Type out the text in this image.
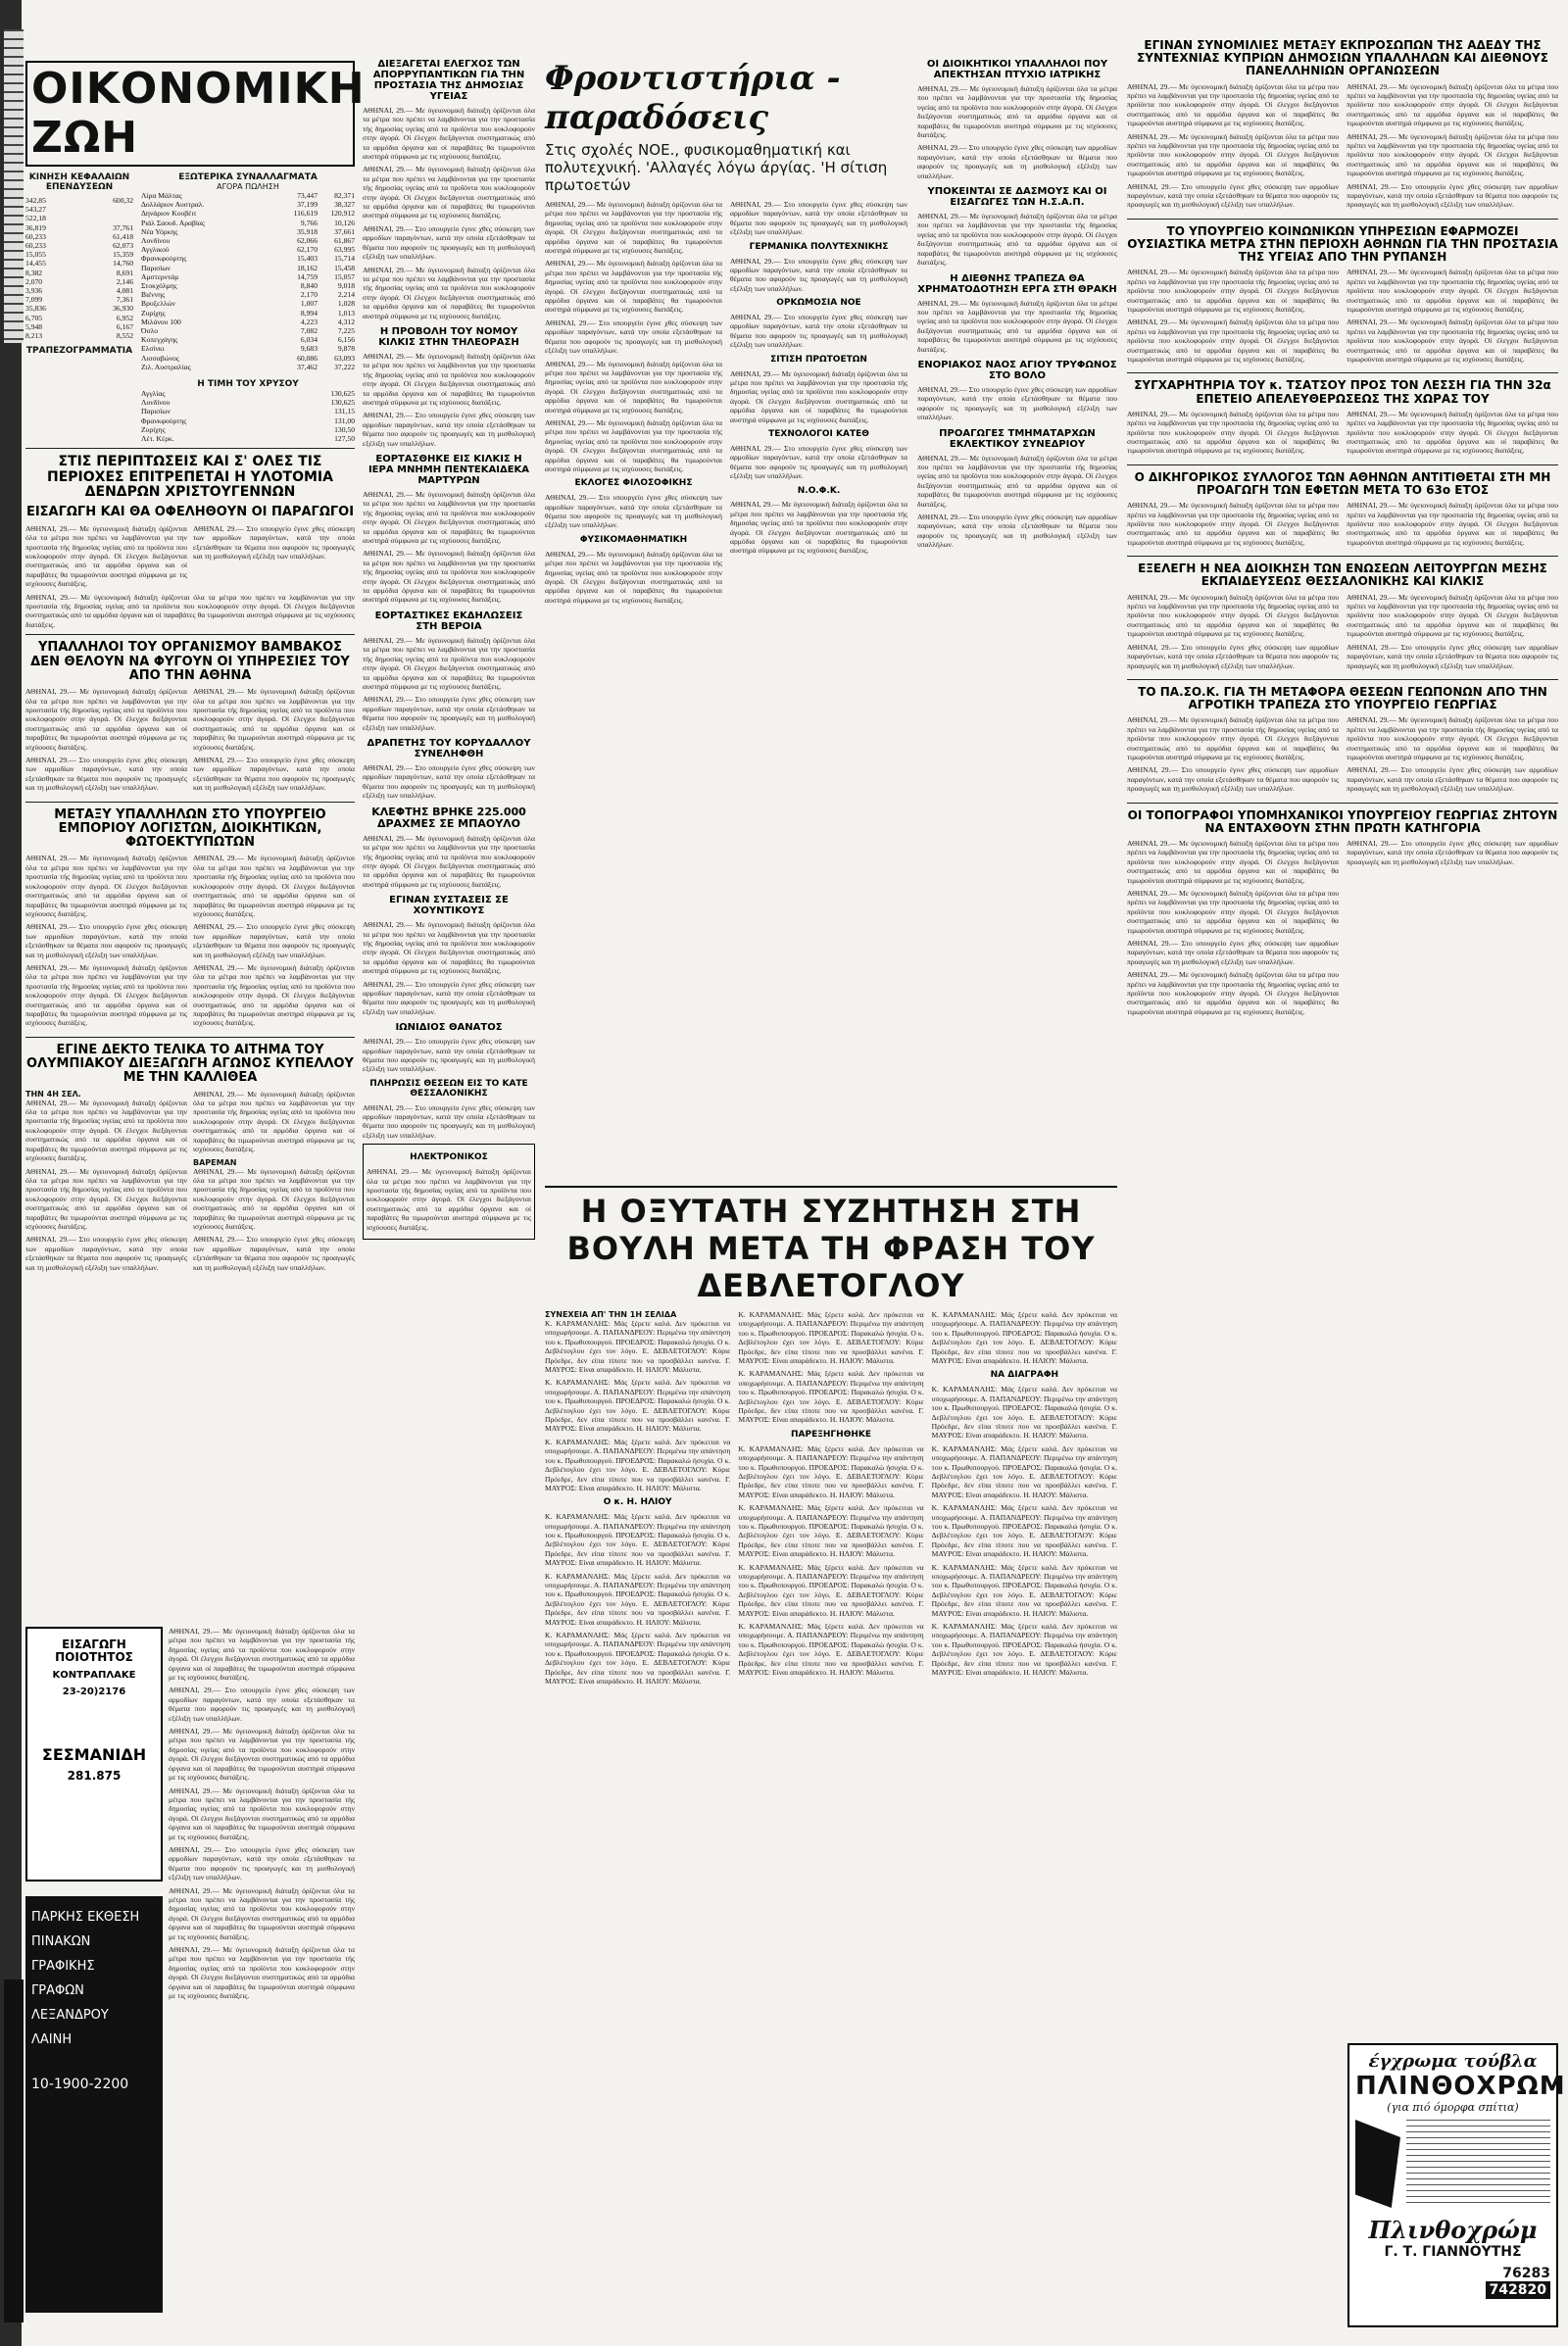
ΟΙΚΟΝΟΜΙΚΗ ΖΩΗ
ΚΙΝΗΣΗ ΚΕΦΑΛΑΙΩΝ ΕΠΕΝΔΥΣΕΩΝ
342,85	600,32
543,27
522,18
36,819	37,761
60,233	61,418
60,233	62,073
15,055	15,359
14,455	14,760
8,382	8,691
2,070	2,146
3,936	4,081
7,099	7,361
35,836	36,930
6,705	6,952
5,948	6,167
8,213	8,552
ΤΡΑΠΕΖΟΓΡΑΜΜΑΤΙΑ
ΕΞΩΤΕΡΙΚΑ ΣΥΝΑΛΛΑΓΜΑΤΑ
ΑΓΟΡΑ ΠΩΛΗΣΗ
Λίρα Μάλτας	73,447	82,371
Δολλάριον Αυστραλ.	37,199	38,327
Δηνάριον Κουβέιτ	116,619	120,912
Ριάλ Σαουδ. Αραβίας	9,766	10,126
Νέα Υόρκης	35,918	37,661
Λονδίνου	62,066	61,867
Αγγλικού	62,170	63,995
Φρανκφούρτης	15,403	15,714
Παρισίων	18,162	15,458
Αμστερντάμ	14,759	15,057
Στοκχόλμης	8,840	9,018
Βιέννης	2,170	2,214
Βρυξελλών	1,007	1,028
Ζυρίχης	8,994	1,013
Μιλάνου 100	4,223	4,312
Όσλο	7,082	7,225
Κοπεγχάγης	6,034	6,156
Ελσίνκι	9,683	9,878
Λισσαβώνος	60,086	63,093
Ζιλ. Αυστραλίας	37,462	37,222
Η ΤΙΜΗ ΤΟΥ ΧΡΥΣΟΥ
Αγγλίας	130,625
Λονδίνου	130,625
Παρισίων	131,15
Φρανκφούρτης	131,00
Ζυρίχης	130,50
Λέτ. Κέρκ.	127,50
ΣΤΙΣ ΠΕΡΙΠΤΩΣΕΙΣ ΚΑΙ Σ' ΟΛΕΣ ΤΙΣ ΠΕΡΙΟΧΕΣ ΕΠΙΤΡΕΠΕΤΑΙ Η ΥΛΟΤΟΜΙΑ ΔΕΝΔΡΩΝ ΧΡΙΣΤΟΥΓΕΝΝΩΝ
ΕΙΣΑΓΩΓΗ ΚΑΙ ΘΑ ΟΦΕΛΗΘΟΥΝ ΟΙ ΠΑΡΑΓΩΓΟΙ

ΑΘΗΝΑΙ, 29.— Με ύγειονομική διάταξη όρίζονται όλα τα μέτρα που πρέπει να λαμβάνονται για την προστασία τής δημοσίας υγείας από τα προϊόντα που κυκλοφορούν στην άγορά. Οί έλεγχοι διεξάγονται συστηματικώς από τα αρμόδια όργανα και οί παραβάτες θα τιμωρούνται αυστηρά σύμφωνα με τις ισχύουσες διατάξεις.

ΑΘΗΝΑΙ, 29.— Στο υπουργείο έγινε χθες σύσκεψη των αρμοδίων παραγόντων, κατά την οποία εξετάσθηκαν τα θέματα που αφορούν τις προαγωγές και τη μισθολογική εξέλιξη των υπαλλήλων.

ΑΘΗΝΑΙ, 29.— Με ύγειονομική διάταξη όρίζονται όλα τα μέτρα που πρέπει να λαμβάνονται για την προστασία τής δημοσίας υγείας από τα προϊόντα που κυκλοφορούν στην άγορά. Οί έλεγχοι διεξάγονται συστηματικώς από τα αρμόδια όργανα και οί παραβάτες θα τιμωρούνται αυστηρά σύμφωνα με τις ισχύουσες διατάξεις.

ΥΠΑΛΛΗΛΟΙ ΤΟΥ ΟΡΓΑΝΙΣΜΟΥ ΒΑΜΒΑΚΟΣ ΔΕΝ ΘΕΛΟΥΝ ΝΑ ΦΥΓΟΥΝ ΟΙ ΥΠΗΡΕΣΙΕΣ ΤΟΥ ΑΠΟ ΤΗΝ ΑΘΗΝΑ

ΑΘΗΝΑΙ, 29.— Με ύγειονομική διάταξη όρίζονται όλα τα μέτρα που πρέπει να λαμβάνονται για την προστασία τής δημοσίας υγείας από τα προϊόντα που κυκλοφορούν στην άγορά. Οί έλεγχοι διεξάγονται συστηματικώς από τα αρμόδια όργανα και οί παραβάτες θα τιμωρούνται αυστηρά σύμφωνα με τις ισχύουσες διατάξεις.

ΑΘΗΝΑΙ, 29.— Στο υπουργείο έγινε χθες σύσκεψη των αρμοδίων παραγόντων, κατά την οποία εξετάσθηκαν τα θέματα που αφορούν τις προαγωγές και τη μισθολογική εξέλιξη των υπαλλήλων.

ΑΘΗΝΑΙ, 29.— Με ύγειονομική διάταξη όρίζονται όλα τα μέτρα που πρέπει να λαμβάνονται για την προστασία τής δημοσίας υγείας από τα προϊόντα που κυκλοφορούν στην άγορά. Οί έλεγχοι διεξάγονται συστηματικώς από τα αρμόδια όργανα και οί παραβάτες θα τιμωρούνται αυστηρά σύμφωνα με τις ισχύουσες διατάξεις.

ΑΘΗΝΑΙ, 29.— Στο υπουργείο έγινε χθες σύσκεψη των αρμοδίων παραγόντων, κατά την οποία εξετάσθηκαν τα θέματα που αφορούν τις προαγωγές και τη μισθολογική εξέλιξη των υπαλλήλων.

ΜΕΤΑΞΥ ΥΠΑΛΛΗΛΩΝ ΣΤΟ ΥΠΟΥΡΓΕΙΟ ΕΜΠΟΡΙΟΥ ΛΟΓΙΣΤΩΝ, ΔΙΟΙΚΗΤΙΚΩΝ, ΦΩΤΟΕΚΤΥΠΩΤΩΝ

ΑΘΗΝΑΙ, 29.— Με ύγειονομική διάταξη όρίζονται όλα τα μέτρα που πρέπει να λαμβάνονται για την προστασία τής δημοσίας υγείας από τα προϊόντα που κυκλοφορούν στην άγορά. Οί έλεγχοι διεξάγονται συστηματικώς από τα αρμόδια όργανα και οί παραβάτες θα τιμωρούνται αυστηρά σύμφωνα με τις ισχύουσες διατάξεις.

ΑΘΗΝΑΙ, 29.— Στο υπουργείο έγινε χθες σύσκεψη των αρμοδίων παραγόντων, κατά την οποία εξετάσθηκαν τα θέματα που αφορούν τις προαγωγές και τη μισθολογική εξέλιξη των υπαλλήλων.

ΑΘΗΝΑΙ, 29.— Με ύγειονομική διάταξη όρίζονται όλα τα μέτρα που πρέπει να λαμβάνονται για την προστασία τής δημοσίας υγείας από τα προϊόντα που κυκλοφορούν στην άγορά. Οί έλεγχοι διεξάγονται συστηματικώς από τα αρμόδια όργανα και οί παραβάτες θα τιμωρούνται αυστηρά σύμφωνα με τις ισχύουσες διατάξεις.

ΑΘΗΝΑΙ, 29.— Με ύγειονομική διάταξη όρίζονται όλα τα μέτρα που πρέπει να λαμβάνονται για την προστασία τής δημοσίας υγείας από τα προϊόντα που κυκλοφορούν στην άγορά. Οί έλεγχοι διεξάγονται συστηματικώς από τα αρμόδια όργανα και οί παραβάτες θα τιμωρούνται αυστηρά σύμφωνα με τις ισχύουσες διατάξεις.

ΑΘΗΝΑΙ, 29.— Στο υπουργείο έγινε χθες σύσκεψη των αρμοδίων παραγόντων, κατά την οποία εξετάσθηκαν τα θέματα που αφορούν τις προαγωγές και τη μισθολογική εξέλιξη των υπαλλήλων.

ΑΘΗΝΑΙ, 29.— Με ύγειονομική διάταξη όρίζονται όλα τα μέτρα που πρέπει να λαμβάνονται για την προστασία τής δημοσίας υγείας από τα προϊόντα που κυκλοφορούν στην άγορά. Οί έλεγχοι διεξάγονται συστηματικώς από τα αρμόδια όργανα και οί παραβάτες θα τιμωρούνται αυστηρά σύμφωνα με τις ισχύουσες διατάξεις.

ΕΓΙΝΕ ΔΕΚΤΟ ΤΕΛΙΚΑ ΤΟ ΑΙΤΗΜΑ ΤΟΥ ΟΛΥΜΠΙΑΚΟΥ ΔΙΕΞΑΓΩΓΗ ΑΓΩΝΟΣ ΚΥΠΕΛΛΟΥ ΜΕ ΤΗΝ ΚΑΛΛΙΘΕΑ
ΤΗΝ 4Η ΣΕΛ.

ΑΘΗΝΑΙ, 29.— Με ύγειονομική διάταξη όρίζονται όλα τα μέτρα που πρέπει να λαμβάνονται για την προστασία τής δημοσίας υγείας από τα προϊόντα που κυκλοφορούν στην άγορά. Οί έλεγχοι διεξάγονται συστηματικώς από τα αρμόδια όργανα και οί παραβάτες θα τιμωρούνται αυστηρά σύμφωνα με τις ισχύουσες διατάξεις.

ΑΘΗΝΑΙ, 29.— Με ύγειονομική διάταξη όρίζονται όλα τα μέτρα που πρέπει να λαμβάνονται για την προστασία τής δημοσίας υγείας από τα προϊόντα που κυκλοφορούν στην άγορά. Οί έλεγχοι διεξάγονται συστηματικώς από τα αρμόδια όργανα και οί παραβάτες θα τιμωρούνται αυστηρά σύμφωνα με τις ισχύουσες διατάξεις.

ΑΘΗΝΑΙ, 29.— Στο υπουργείο έγινε χθες σύσκεψη των αρμοδίων παραγόντων, κατά την οποία εξετάσθηκαν τα θέματα που αφορούν τις προαγωγές και τη μισθολογική εξέλιξη των υπαλλήλων.

ΑΘΗΝΑΙ, 29.— Με ύγειονομική διάταξη όρίζονται όλα τα μέτρα που πρέπει να λαμβάνονται για την προστασία τής δημοσίας υγείας από τα προϊόντα που κυκλοφορούν στην άγορά. Οί έλεγχοι διεξάγονται συστηματικώς από τα αρμόδια όργανα και οί παραβάτες θα τιμωρούνται αυστηρά σύμφωνα με τις ισχύουσες διατάξεις.

ΒΑΡΕΜΑΝ

ΑΘΗΝΑΙ, 29.— Με ύγειονομική διάταξη όρίζονται όλα τα μέτρα που πρέπει να λαμβάνονται για την προστασία τής δημοσίας υγείας από τα προϊόντα που κυκλοφορούν στην άγορά. Οί έλεγχοι διεξάγονται συστηματικώς από τα αρμόδια όργανα και οί παραβάτες θα τιμωρούνται αυστηρά σύμφωνα με τις ισχύουσες διατάξεις.

ΑΘΗΝΑΙ, 29.— Στο υπουργείο έγινε χθες σύσκεψη των αρμοδίων παραγόντων, κατά την οποία εξετάσθηκαν τα θέματα που αφορούν τις προαγωγές και τη μισθολογική εξέλιξη των υπαλλήλων.

ΕΙΣΑΓΩΓΗ ΠΟΙΟΤΗΤΟΣ
ΚΟΝΤΡΑΠΛΑΚΕ
23-20)2176
ΣΕΣΜΑΝΙΔΗ
281.875
ΠΑΡΚΗΣ ΕΚΘΕΣΗ
ΠΙΝΑΚΩΝ
ΓΡΑΦΙΚΗΣ
ΓΡΑΦΩΝ
ΛΕΞΑΝΔΡΟΥ
ΛΑΙΝΗ
10-1900-2200

ΑΘΗΝΑΙ, 29.— Με ύγειονομική διάταξη όρίζονται όλα τα μέτρα που πρέπει να λαμβάνονται για την προστασία τής δημοσίας υγείας από τα προϊόντα που κυκλοφορούν στην άγορά. Οί έλεγχοι διεξάγονται συστηματικώς από τα αρμόδια όργανα και οί παραβάτες θα τιμωρούνται αυστηρά σύμφωνα με τις ισχύουσες διατάξεις.

ΑΘΗΝΑΙ, 29.— Στο υπουργείο έγινε χθες σύσκεψη των αρμοδίων παραγόντων, κατά την οποία εξετάσθηκαν τα θέματα που αφορούν τις προαγωγές και τη μισθολογική εξέλιξη των υπαλλήλων.

ΑΘΗΝΑΙ, 29.— Με ύγειονομική διάταξη όρίζονται όλα τα μέτρα που πρέπει να λαμβάνονται για την προστασία τής δημοσίας υγείας από τα προϊόντα που κυκλοφορούν στην άγορά. Οί έλεγχοι διεξάγονται συστηματικώς από τα αρμόδια όργανα και οί παραβάτες θα τιμωρούνται αυστηρά σύμφωνα με τις ισχύουσες διατάξεις.

ΑΘΗΝΑΙ, 29.— Με ύγειονομική διάταξη όρίζονται όλα τα μέτρα που πρέπει να λαμβάνονται για την προστασία τής δημοσίας υγείας από τα προϊόντα που κυκλοφορούν στην άγορά. Οί έλεγχοι διεξάγονται συστηματικώς από τα αρμόδια όργανα και οί παραβάτες θα τιμωρούνται αυστηρά σύμφωνα με τις ισχύουσες διατάξεις.

ΑΘΗΝΑΙ, 29.— Στο υπουργείο έγινε χθες σύσκεψη των αρμοδίων παραγόντων, κατά την οποία εξετάσθηκαν τα θέματα που αφορούν τις προαγωγές και τη μισθολογική εξέλιξη των υπαλλήλων.

ΑΘΗΝΑΙ, 29.— Με ύγειονομική διάταξη όρίζονται όλα τα μέτρα που πρέπει να λαμβάνονται για την προστασία τής δημοσίας υγείας από τα προϊόντα που κυκλοφορούν στην άγορά. Οί έλεγχοι διεξάγονται συστηματικώς από τα αρμόδια όργανα και οί παραβάτες θα τιμωρούνται αυστηρά σύμφωνα με τις ισχύουσες διατάξεις.

ΑΘΗΝΑΙ, 29.— Με ύγειονομική διάταξη όρίζονται όλα τα μέτρα που πρέπει να λαμβάνονται για την προστασία τής δημοσίας υγείας από τα προϊόντα που κυκλοφορούν στην άγορά. Οί έλεγχοι διεξάγονται συστηματικώς από τα αρμόδια όργανα και οί παραβάτες θα τιμωρούνται αυστηρά σύμφωνα με τις ισχύουσες διατάξεις.

ΔΙΕΞΑΓΕΤΑΙ ΕΛΕΓΧΟΣ ΤΩΝ ΑΠΟΡΡΥΠΑΝΤΙΚΩΝ ΓΙΑ ΤΗΝ ΠΡΟΣΤΑΣΙΑ ΤΗΣ ΔΗΜΟΣΙΑΣ ΥΓΕΙΑΣ

ΑΘΗΝΑΙ, 29.— Με ύγειονομική διάταξη όρίζονται όλα τα μέτρα που πρέπει να λαμβάνονται για την προστασία τής δημοσίας υγείας από τα προϊόντα που κυκλοφορούν στην άγορά. Οί έλεγχοι διεξάγονται συστηματικώς από τα αρμόδια όργανα και οί παραβάτες θα τιμωρούνται αυστηρά σύμφωνα με τις ισχύουσες διατάξεις.

ΑΘΗΝΑΙ, 29.— Με ύγειονομική διάταξη όρίζονται όλα τα μέτρα που πρέπει να λαμβάνονται για την προστασία τής δημοσίας υγείας από τα προϊόντα που κυκλοφορούν στην άγορά. Οί έλεγχοι διεξάγονται συστηματικώς από τα αρμόδια όργανα και οί παραβάτες θα τιμωρούνται αυστηρά σύμφωνα με τις ισχύουσες διατάξεις.

ΑΘΗΝΑΙ, 29.— Στο υπουργείο έγινε χθες σύσκεψη των αρμοδίων παραγόντων, κατά την οποία εξετάσθηκαν τα θέματα που αφορούν τις προαγωγές και τη μισθολογική εξέλιξη των υπαλλήλων.

ΑΘΗΝΑΙ, 29.— Με ύγειονομική διάταξη όρίζονται όλα τα μέτρα που πρέπει να λαμβάνονται για την προστασία τής δημοσίας υγείας από τα προϊόντα που κυκλοφορούν στην άγορά. Οί έλεγχοι διεξάγονται συστηματικώς από τα αρμόδια όργανα και οί παραβάτες θα τιμωρούνται αυστηρά σύμφωνα με τις ισχύουσες διατάξεις.

Η ΠΡΟΒΟΛΗ ΤΟΥ ΝΟΜΟΥ ΚΙΛΚΙΣ ΣΤΗΝ ΤΗΛΕΟΡΑΣΗ

ΑΘΗΝΑΙ, 29.— Με ύγειονομική διάταξη όρίζονται όλα τα μέτρα που πρέπει να λαμβάνονται για την προστασία τής δημοσίας υγείας από τα προϊόντα που κυκλοφορούν στην άγορά. Οί έλεγχοι διεξάγονται συστηματικώς από τα αρμόδια όργανα και οί παραβάτες θα τιμωρούνται αυστηρά σύμφωνα με τις ισχύουσες διατάξεις.

ΑΘΗΝΑΙ, 29.— Στο υπουργείο έγινε χθες σύσκεψη των αρμοδίων παραγόντων, κατά την οποία εξετάσθηκαν τα θέματα που αφορούν τις προαγωγές και τη μισθολογική εξέλιξη των υπαλλήλων.

ΕΟΡΤΑΣΘΗΚΕ ΕΙΣ ΚΙΛΚΙΣ Η ΙΕΡΑ ΜΝΗΜΗ ΠΕΝΤΕΚΑΙΔΕΚΑ ΜΑΡΤΥΡΩΝ

ΑΘΗΝΑΙ, 29.— Με ύγειονομική διάταξη όρίζονται όλα τα μέτρα που πρέπει να λαμβάνονται για την προστασία τής δημοσίας υγείας από τα προϊόντα που κυκλοφορούν στην άγορά. Οί έλεγχοι διεξάγονται συστηματικώς από τα αρμόδια όργανα και οί παραβάτες θα τιμωρούνται αυστηρά σύμφωνα με τις ισχύουσες διατάξεις.

ΑΘΗΝΑΙ, 29.— Με ύγειονομική διάταξη όρίζονται όλα τα μέτρα που πρέπει να λαμβάνονται για την προστασία τής δημοσίας υγείας από τα προϊόντα που κυκλοφορούν στην άγορά. Οί έλεγχοι διεξάγονται συστηματικώς από τα αρμόδια όργανα και οί παραβάτες θα τιμωρούνται αυστηρά σύμφωνα με τις ισχύουσες διατάξεις.

ΕΟΡΤΑΣΤΙΚΕΣ ΕΚΔΗΛΩΣΕΙΣ ΣΤΗ ΒΕΡΟΙΑ

ΑΘΗΝΑΙ, 29.— Με ύγειονομική διάταξη όρίζονται όλα τα μέτρα που πρέπει να λαμβάνονται για την προστασία τής δημοσίας υγείας από τα προϊόντα που κυκλοφορούν στην άγορά. Οί έλεγχοι διεξάγονται συστηματικώς από τα αρμόδια όργανα και οί παραβάτες θα τιμωρούνται αυστηρά σύμφωνα με τις ισχύουσες διατάξεις.

ΑΘΗΝΑΙ, 29.— Στο υπουργείο έγινε χθες σύσκεψη των αρμοδίων παραγόντων, κατά την οποία εξετάσθηκαν τα θέματα που αφορούν τις προαγωγές και τη μισθολογική εξέλιξη των υπαλλήλων.

ΔΡΑΠΕΤΗΣ ΤΟΥ ΚΟΡΥΔΑΛΛΟΥ ΣΥΝΕΛΗΦΘΗ

ΑΘΗΝΑΙ, 29.— Στο υπουργείο έγινε χθες σύσκεψη των αρμοδίων παραγόντων, κατά την οποία εξετάσθηκαν τα θέματα που αφορούν τις προαγωγές και τη μισθολογική εξέλιξη των υπαλλήλων.

ΚΛΕΦΤΗΣ ΒΡΗΚΕ 225.000 ΔΡΑΧΜΕΣ ΣΕ ΜΠΑΟΥΛΟ

ΑΘΗΝΑΙ, 29.— Με ύγειονομική διάταξη όρίζονται όλα τα μέτρα που πρέπει να λαμβάνονται για την προστασία τής δημοσίας υγείας από τα προϊόντα που κυκλοφορούν στην άγορά. Οί έλεγχοι διεξάγονται συστηματικώς από τα αρμόδια όργανα και οί παραβάτες θα τιμωρούνται αυστηρά σύμφωνα με τις ισχύουσες διατάξεις.

ΕΓΙΝΑΝ ΣΥΣΤΑΣΕΙΣ ΣΕ ΧΟΥΝΤΙΚΟΥΣ

ΑΘΗΝΑΙ, 29.— Με ύγειονομική διάταξη όρίζονται όλα τα μέτρα που πρέπει να λαμβάνονται για την προστασία τής δημοσίας υγείας από τα προϊόντα που κυκλοφορούν στην άγορά. Οί έλεγχοι διεξάγονται συστηματικώς από τα αρμόδια όργανα και οί παραβάτες θα τιμωρούνται αυστηρά σύμφωνα με τις ισχύουσες διατάξεις.

ΑΘΗΝΑΙ, 29.— Στο υπουργείο έγινε χθες σύσκεψη των αρμοδίων παραγόντων, κατά την οποία εξετάσθηκαν τα θέματα που αφορούν τις προαγωγές και τη μισθολογική εξέλιξη των υπαλλήλων.

ΙΩΝΙΔΙΟΣ ΘΑΝΑΤΟΣ

ΑΘΗΝΑΙ, 29.— Στο υπουργείο έγινε χθες σύσκεψη των αρμοδίων παραγόντων, κατά την οποία εξετάσθηκαν τα θέματα που αφορούν τις προαγωγές και τη μισθολογική εξέλιξη των υπαλλήλων.

ΠΛΗΡΩΣΙΣ ΘΕΣΕΩΝ ΕΙΣ ΤΟ ΚΑΤΕ ΘΕΣΣΑΛΟΝΙΚΗΣ

ΑΘΗΝΑΙ, 29.— Στο υπουργείο έγινε χθες σύσκεψη των αρμοδίων παραγόντων, κατά την οποία εξετάσθηκαν τα θέματα που αφορούν τις προαγωγές και τη μισθολογική εξέλιξη των υπαλλήλων.

ΗΛΕΚΤΡΟΝΙΚΟΣ

ΑΘΗΝΑΙ, 29.— Με ύγειονομική διάταξη όρίζονται όλα τα μέτρα που πρέπει να λαμβάνονται για την προστασία τής δημοσίας υγείας από τα προϊόντα που κυκλοφορούν στην άγορά. Οί έλεγχοι διεξάγονται συστηματικώς από τα αρμόδια όργανα και οί παραβάτες θα τιμωρούνται αυστηρά σύμφωνα με τις ισχύουσες διατάξεις.

Φροντιστήρια - παραδόσεις
Στις σχολές ΝΟΕ., φυσικομαθηματική και πολυτεχνική. 'Αλλαγές λόγω άργίας. 'Η σίτιση πρωτοετών

ΑΘΗΝΑΙ, 29.— Με ύγειονομική διάταξη όρίζονται όλα τα μέτρα που πρέπει να λαμβάνονται για την προστασία τής δημοσίας υγείας από τα προϊόντα που κυκλοφορούν στην άγορά. Οί έλεγχοι διεξάγονται συστηματικώς από τα αρμόδια όργανα και οί παραβάτες θα τιμωρούνται αυστηρά σύμφωνα με τις ισχύουσες διατάξεις.

ΑΘΗΝΑΙ, 29.— Με ύγειονομική διάταξη όρίζονται όλα τα μέτρα που πρέπει να λαμβάνονται για την προστασία τής δημοσίας υγείας από τα προϊόντα που κυκλοφορούν στην άγορά. Οί έλεγχοι διεξάγονται συστηματικώς από τα αρμόδια όργανα και οί παραβάτες θα τιμωρούνται αυστηρά σύμφωνα με τις ισχύουσες διατάξεις.

ΑΘΗΝΑΙ, 29.— Στο υπουργείο έγινε χθες σύσκεψη των αρμοδίων παραγόντων, κατά την οποία εξετάσθηκαν τα θέματα που αφορούν τις προαγωγές και τη μισθολογική εξέλιξη των υπαλλήλων.

ΑΘΗΝΑΙ, 29.— Με ύγειονομική διάταξη όρίζονται όλα τα μέτρα που πρέπει να λαμβάνονται για την προστασία τής δημοσίας υγείας από τα προϊόντα που κυκλοφορούν στην άγορά. Οί έλεγχοι διεξάγονται συστηματικώς από τα αρμόδια όργανα και οί παραβάτες θα τιμωρούνται αυστηρά σύμφωνα με τις ισχύουσες διατάξεις.

ΑΘΗΝΑΙ, 29.— Με ύγειονομική διάταξη όρίζονται όλα τα μέτρα που πρέπει να λαμβάνονται για την προστασία τής δημοσίας υγείας από τα προϊόντα που κυκλοφορούν στην άγορά. Οί έλεγχοι διεξάγονται συστηματικώς από τα αρμόδια όργανα και οί παραβάτες θα τιμωρούνται αυστηρά σύμφωνα με τις ισχύουσες διατάξεις.

ΕΚΛΟΓΕΣ ΦΙΛΟΣΟΦΙΚΗΣ

ΑΘΗΝΑΙ, 29.— Στο υπουργείο έγινε χθες σύσκεψη των αρμοδίων παραγόντων, κατά την οποία εξετάσθηκαν τα θέματα που αφορούν τις προαγωγές και τη μισθολογική εξέλιξη των υπαλλήλων.

ΦΥΣΙΚΟΜΑΘΗΜΑΤΙΚΗ

ΑΘΗΝΑΙ, 29.— Με ύγειονομική διάταξη όρίζονται όλα τα μέτρα που πρέπει να λαμβάνονται για την προστασία τής δημοσίας υγείας από τα προϊόντα που κυκλοφορούν στην άγορά. Οί έλεγχοι διεξάγονται συστηματικώς από τα αρμόδια όργανα και οί παραβάτες θα τιμωρούνται αυστηρά σύμφωνα με τις ισχύουσες διατάξεις.

ΑΘΗΝΑΙ, 29.— Στο υπουργείο έγινε χθες σύσκεψη των αρμοδίων παραγόντων, κατά την οποία εξετάσθηκαν τα θέματα που αφορούν τις προαγωγές και τη μισθολογική εξέλιξη των υπαλλήλων.

ΓΕΡΜΑΝΙΚΑ ΠΟΛΥΤΕΧΝΙΚΗΣ

ΑΘΗΝΑΙ, 29.— Στο υπουργείο έγινε χθες σύσκεψη των αρμοδίων παραγόντων, κατά την οποία εξετάσθηκαν τα θέματα που αφορούν τις προαγωγές και τη μισθολογική εξέλιξη των υπαλλήλων.

ΟΡΚΩΜΟΣΙΑ ΝΟΕ

ΑΘΗΝΑΙ, 29.— Στο υπουργείο έγινε χθες σύσκεψη των αρμοδίων παραγόντων, κατά την οποία εξετάσθηκαν τα θέματα που αφορούν τις προαγωγές και τη μισθολογική εξέλιξη των υπαλλήλων.

ΣΙΤΙΣΗ ΠΡΩΤΟΕΤΩΝ

ΑΘΗΝΑΙ, 29.— Με ύγειονομική διάταξη όρίζονται όλα τα μέτρα που πρέπει να λαμβάνονται για την προστασία τής δημοσίας υγείας από τα προϊόντα που κυκλοφορούν στην άγορά. Οί έλεγχοι διεξάγονται συστηματικώς από τα αρμόδια όργανα και οί παραβάτες θα τιμωρούνται αυστηρά σύμφωνα με τις ισχύουσες διατάξεις.

ΤΕΧΝΟΛΟΓΟΙ ΚΑΤΕΘ

ΑΘΗΝΑΙ, 29.— Στο υπουργείο έγινε χθες σύσκεψη των αρμοδίων παραγόντων, κατά την οποία εξετάσθηκαν τα θέματα που αφορούν τις προαγωγές και τη μισθολογική εξέλιξη των υπαλλήλων.

Ν.Ο.Φ.Κ.

ΑΘΗΝΑΙ, 29.— Με ύγειονομική διάταξη όρίζονται όλα τα μέτρα που πρέπει να λαμβάνονται για την προστασία τής δημοσίας υγείας από τα προϊόντα που κυκλοφορούν στην άγορά. Οί έλεγχοι διεξάγονται συστηματικώς από τα αρμόδια όργανα και οί παραβάτες θα τιμωρούνται αυστηρά σύμφωνα με τις ισχύουσες διατάξεις.

ΟΙ ΔΙΟΙΚΗΤΙΚΟΙ ΥΠΑΛΛΗΛΟΙ ΠΟΥ ΑΠΕΚΤΗΣΑΝ ΠΤΥΧΙΟ ΙΑΤΡΙΚΗΣ

ΑΘΗΝΑΙ, 29.— Με ύγειονομική διάταξη όρίζονται όλα τα μέτρα που πρέπει να λαμβάνονται για την προστασία τής δημοσίας υγείας από τα προϊόντα που κυκλοφορούν στην άγορά. Οί έλεγχοι διεξάγονται συστηματικώς από τα αρμόδια όργανα και οί παραβάτες θα τιμωρούνται αυστηρά σύμφωνα με τις ισχύουσες διατάξεις.

ΑΘΗΝΑΙ, 29.— Στο υπουργείο έγινε χθες σύσκεψη των αρμοδίων παραγόντων, κατά την οποία εξετάσθηκαν τα θέματα που αφορούν τις προαγωγές και τη μισθολογική εξέλιξη των υπαλλήλων.

ΥΠΟΚΕΙΝΤΑΙ ΣΕ ΔΑΣΜΟΥΣ ΚΑΙ ΟΙ ΕΙΣΑΓΩΓΕΣ ΤΩΝ Η.Σ.Α.Π.

ΑΘΗΝΑΙ, 29.— Με ύγειονομική διάταξη όρίζονται όλα τα μέτρα που πρέπει να λαμβάνονται για την προστασία τής δημοσίας υγείας από τα προϊόντα που κυκλοφορούν στην άγορά. Οί έλεγχοι διεξάγονται συστηματικώς από τα αρμόδια όργανα και οί παραβάτες θα τιμωρούνται αυστηρά σύμφωνα με τις ισχύουσες διατάξεις.

Η ΔΙΕΘΝΗΣ ΤΡΑΠΕΖΑ ΘΑ ΧΡΗΜΑΤΟΔΟΤΗΣΗ ΕΡΓΑ ΣΤΗ ΘΡΑΚΗ

ΑΘΗΝΑΙ, 29.— Με ύγειονομική διάταξη όρίζονται όλα τα μέτρα που πρέπει να λαμβάνονται για την προστασία τής δημοσίας υγείας από τα προϊόντα που κυκλοφορούν στην άγορά. Οί έλεγχοι διεξάγονται συστηματικώς από τα αρμόδια όργανα και οί παραβάτες θα τιμωρούνται αυστηρά σύμφωνα με τις ισχύουσες διατάξεις.

ΕΝΟΡΙΑΚΟΣ ΝΑΟΣ ΑΓΙΟΥ ΤΡΥΦΩΝΟΣ ΣΤΟ ΒΟΛΟ

ΑΘΗΝΑΙ, 29.— Στο υπουργείο έγινε χθες σύσκεψη των αρμοδίων παραγόντων, κατά την οποία εξετάσθηκαν τα θέματα που αφορούν τις προαγωγές και τη μισθολογική εξέλιξη των υπαλλήλων.

ΠΡΟΑΓΩΓΕΣ ΤΜΗΜΑΤΑΡΧΩΝ ΕΚΛΕΚΤΙΚΟΥ ΣΥΝΕΔΡΙΟΥ

ΑΘΗΝΑΙ, 29.— Με ύγειονομική διάταξη όρίζονται όλα τα μέτρα που πρέπει να λαμβάνονται για την προστασία τής δημοσίας υγείας από τα προϊόντα που κυκλοφορούν στην άγορά. Οί έλεγχοι διεξάγονται συστηματικώς από τα αρμόδια όργανα και οί παραβάτες θα τιμωρούνται αυστηρά σύμφωνα με τις ισχύουσες διατάξεις.

ΑΘΗΝΑΙ, 29.— Στο υπουργείο έγινε χθες σύσκεψη των αρμοδίων παραγόντων, κατά την οποία εξετάσθηκαν τα θέματα που αφορούν τις προαγωγές και τη μισθολογική εξέλιξη των υπαλλήλων.

Η ΟΞΥΤΑΤΗ ΣΥΖΗΤΗΣΗ ΣΤΗ ΒΟΥΛΗ ΜΕΤΑ ΤΗ ΦΡΑΣΗ ΤΟΥ ΔΕΒΛΕΤΟΓΛΟΥ
ΣΥΝΕΧΕΙΑ ΑΠ' ΤΗΝ 1Η ΣΕΛΙΔΑ

Κ. ΚΑΡΑΜΑΝΛΗΣ: Μάς ξέρετε καλά. Δεν πρόκειται να υποχωρήσουμε. Α. ΠΑΠΑΝΔΡΕΟΥ: Περιμένω την απάντηση του κ. Πρωθυπουργού. ΠΡΟΕΔΡΟΣ: Παρακαλώ ήσυχία. Ο κ. Δεβλέτογλου έχει τον λόγο. Ε. ΔΕΒΛΕΤΟΓΛΟΥ: Κύριε Πρόεδρε, δεν είπα τίποτε που να προσβάλλει κανένα. Γ. ΜΑΥΡΟΣ: Είναι απαράδεκτο. Η. ΗΛΙΟΥ: Μάλιστα.

Κ. ΚΑΡΑΜΑΝΛΗΣ: Μάς ξέρετε καλά. Δεν πρόκειται να υποχωρήσουμε. Α. ΠΑΠΑΝΔΡΕΟΥ: Περιμένω την απάντηση του κ. Πρωθυπουργού. ΠΡΟΕΔΡΟΣ: Παρακαλώ ήσυχία. Ο κ. Δεβλέτογλου έχει τον λόγο. Ε. ΔΕΒΛΕΤΟΓΛΟΥ: Κύριε Πρόεδρε, δεν είπα τίποτε που να προσβάλλει κανένα. Γ. ΜΑΥΡΟΣ: Είναι απαράδεκτο. Η. ΗΛΙΟΥ: Μάλιστα.

Κ. ΚΑΡΑΜΑΝΛΗΣ: Μάς ξέρετε καλά. Δεν πρόκειται να υποχωρήσουμε. Α. ΠΑΠΑΝΔΡΕΟΥ: Περιμένω την απάντηση του κ. Πρωθυπουργού. ΠΡΟΕΔΡΟΣ: Παρακαλώ ήσυχία. Ο κ. Δεβλέτογλου έχει τον λόγο. Ε. ΔΕΒΛΕΤΟΓΛΟΥ: Κύριε Πρόεδρε, δεν είπα τίποτε που να προσβάλλει κανένα. Γ. ΜΑΥΡΟΣ: Είναι απαράδεκτο. Η. ΗΛΙΟΥ: Μάλιστα.

Ο κ. Η. ΗΛΙΟΥ

Κ. ΚΑΡΑΜΑΝΛΗΣ: Μάς ξέρετε καλά. Δεν πρόκειται να υποχωρήσουμε. Α. ΠΑΠΑΝΔΡΕΟΥ: Περιμένω την απάντηση του κ. Πρωθυπουργού. ΠΡΟΕΔΡΟΣ: Παρακαλώ ήσυχία. Ο κ. Δεβλέτογλου έχει τον λόγο. Ε. ΔΕΒΛΕΤΟΓΛΟΥ: Κύριε Πρόεδρε, δεν είπα τίποτε που να προσβάλλει κανένα. Γ. ΜΑΥΡΟΣ: Είναι απαράδεκτο. Η. ΗΛΙΟΥ: Μάλιστα.

Κ. ΚΑΡΑΜΑΝΛΗΣ: Μάς ξέρετε καλά. Δεν πρόκειται να υποχωρήσουμε. Α. ΠΑΠΑΝΔΡΕΟΥ: Περιμένω την απάντηση του κ. Πρωθυπουργού. ΠΡΟΕΔΡΟΣ: Παρακαλώ ήσυχία. Ο κ. Δεβλέτογλου έχει τον λόγο. Ε. ΔΕΒΛΕΤΟΓΛΟΥ: Κύριε Πρόεδρε, δεν είπα τίποτε που να προσβάλλει κανένα. Γ. ΜΑΥΡΟΣ: Είναι απαράδεκτο. Η. ΗΛΙΟΥ: Μάλιστα.

Κ. ΚΑΡΑΜΑΝΛΗΣ: Μάς ξέρετε καλά. Δεν πρόκειται να υποχωρήσουμε. Α. ΠΑΠΑΝΔΡΕΟΥ: Περιμένω την απάντηση του κ. Πρωθυπουργού. ΠΡΟΕΔΡΟΣ: Παρακαλώ ήσυχία. Ο κ. Δεβλέτογλου έχει τον λόγο. Ε. ΔΕΒΛΕΤΟΓΛΟΥ: Κύριε Πρόεδρε, δεν είπα τίποτε που να προσβάλλει κανένα. Γ. ΜΑΥΡΟΣ: Είναι απαράδεκτο. Η. ΗΛΙΟΥ: Μάλιστα.

Κ. ΚΑΡΑΜΑΝΛΗΣ: Μάς ξέρετε καλά. Δεν πρόκειται να υποχωρήσουμε. Α. ΠΑΠΑΝΔΡΕΟΥ: Περιμένω την απάντηση του κ. Πρωθυπουργού. ΠΡΟΕΔΡΟΣ: Παρακαλώ ήσυχία. Ο κ. Δεβλέτογλου έχει τον λόγο. Ε. ΔΕΒΛΕΤΟΓΛΟΥ: Κύριε Πρόεδρε, δεν είπα τίποτε που να προσβάλλει κανένα. Γ. ΜΑΥΡΟΣ: Είναι απαράδεκτο. Η. ΗΛΙΟΥ: Μάλιστα.

Κ. ΚΑΡΑΜΑΝΛΗΣ: Μάς ξέρετε καλά. Δεν πρόκειται να υποχωρήσουμε. Α. ΠΑΠΑΝΔΡΕΟΥ: Περιμένω την απάντηση του κ. Πρωθυπουργού. ΠΡΟΕΔΡΟΣ: Παρακαλώ ήσυχία. Ο κ. Δεβλέτογλου έχει τον λόγο. Ε. ΔΕΒΛΕΤΟΓΛΟΥ: Κύριε Πρόεδρε, δεν είπα τίποτε που να προσβάλλει κανένα. Γ. ΜΑΥΡΟΣ: Είναι απαράδεκτο. Η. ΗΛΙΟΥ: Μάλιστα.

ΠΑΡΕΞΗΓΗΘΗΚΕ

Κ. ΚΑΡΑΜΑΝΛΗΣ: Μάς ξέρετε καλά. Δεν πρόκειται να υποχωρήσουμε. Α. ΠΑΠΑΝΔΡΕΟΥ: Περιμένω την απάντηση του κ. Πρωθυπουργού. ΠΡΟΕΔΡΟΣ: Παρακαλώ ήσυχία. Ο κ. Δεβλέτογλου έχει τον λόγο. Ε. ΔΕΒΛΕΤΟΓΛΟΥ: Κύριε Πρόεδρε, δεν είπα τίποτε που να προσβάλλει κανένα. Γ. ΜΑΥΡΟΣ: Είναι απαράδεκτο. Η. ΗΛΙΟΥ: Μάλιστα.

Κ. ΚΑΡΑΜΑΝΛΗΣ: Μάς ξέρετε καλά. Δεν πρόκειται να υποχωρήσουμε. Α. ΠΑΠΑΝΔΡΕΟΥ: Περιμένω την απάντηση του κ. Πρωθυπουργού. ΠΡΟΕΔΡΟΣ: Παρακαλώ ήσυχία. Ο κ. Δεβλέτογλου έχει τον λόγο. Ε. ΔΕΒΛΕΤΟΓΛΟΥ: Κύριε Πρόεδρε, δεν είπα τίποτε που να προσβάλλει κανένα. Γ. ΜΑΥΡΟΣ: Είναι απαράδεκτο. Η. ΗΛΙΟΥ: Μάλιστα.

Κ. ΚΑΡΑΜΑΝΛΗΣ: Μάς ξέρετε καλά. Δεν πρόκειται να υποχωρήσουμε. Α. ΠΑΠΑΝΔΡΕΟΥ: Περιμένω την απάντηση του κ. Πρωθυπουργού. ΠΡΟΕΔΡΟΣ: Παρακαλώ ήσυχία. Ο κ. Δεβλέτογλου έχει τον λόγο. Ε. ΔΕΒΛΕΤΟΓΛΟΥ: Κύριε Πρόεδρε, δεν είπα τίποτε που να προσβάλλει κανένα. Γ. ΜΑΥΡΟΣ: Είναι απαράδεκτο. Η. ΗΛΙΟΥ: Μάλιστα.

Κ. ΚΑΡΑΜΑΝΛΗΣ: Μάς ξέρετε καλά. Δεν πρόκειται να υποχωρήσουμε. Α. ΠΑΠΑΝΔΡΕΟΥ: Περιμένω την απάντηση του κ. Πρωθυπουργού. ΠΡΟΕΔΡΟΣ: Παρακαλώ ήσυχία. Ο κ. Δεβλέτογλου έχει τον λόγο. Ε. ΔΕΒΛΕΤΟΓΛΟΥ: Κύριε Πρόεδρε, δεν είπα τίποτε που να προσβάλλει κανένα. Γ. ΜΑΥΡΟΣ: Είναι απαράδεκτο. Η. ΗΛΙΟΥ: Μάλιστα.

Κ. ΚΑΡΑΜΑΝΛΗΣ: Μάς ξέρετε καλά. Δεν πρόκειται να υποχωρήσουμε. Α. ΠΑΠΑΝΔΡΕΟΥ: Περιμένω την απάντηση του κ. Πρωθυπουργού. ΠΡΟΕΔΡΟΣ: Παρακαλώ ήσυχία. Ο κ. Δεβλέτογλου έχει τον λόγο. Ε. ΔΕΒΛΕΤΟΓΛΟΥ: Κύριε Πρόεδρε, δεν είπα τίποτε που να προσβάλλει κανένα. Γ. ΜΑΥΡΟΣ: Είναι απαράδεκτο. Η. ΗΛΙΟΥ: Μάλιστα.

ΝΑ ΔΙΑΓΡΑΦΗ

Κ. ΚΑΡΑΜΑΝΛΗΣ: Μάς ξέρετε καλά. Δεν πρόκειται να υποχωρήσουμε. Α. ΠΑΠΑΝΔΡΕΟΥ: Περιμένω την απάντηση του κ. Πρωθυπουργού. ΠΡΟΕΔΡΟΣ: Παρακαλώ ήσυχία. Ο κ. Δεβλέτογλου έχει τον λόγο. Ε. ΔΕΒΛΕΤΟΓΛΟΥ: Κύριε Πρόεδρε, δεν είπα τίποτε που να προσβάλλει κανένα. Γ. ΜΑΥΡΟΣ: Είναι απαράδεκτο. Η. ΗΛΙΟΥ: Μάλιστα.

Κ. ΚΑΡΑΜΑΝΛΗΣ: Μάς ξέρετε καλά. Δεν πρόκειται να υποχωρήσουμε. Α. ΠΑΠΑΝΔΡΕΟΥ: Περιμένω την απάντηση του κ. Πρωθυπουργού. ΠΡΟΕΔΡΟΣ: Παρακαλώ ήσυχία. Ο κ. Δεβλέτογλου έχει τον λόγο. Ε. ΔΕΒΛΕΤΟΓΛΟΥ: Κύριε Πρόεδρε, δεν είπα τίποτε που να προσβάλλει κανένα. Γ. ΜΑΥΡΟΣ: Είναι απαράδεκτο. Η. ΗΛΙΟΥ: Μάλιστα.

Κ. ΚΑΡΑΜΑΝΛΗΣ: Μάς ξέρετε καλά. Δεν πρόκειται να υποχωρήσουμε. Α. ΠΑΠΑΝΔΡΕΟΥ: Περιμένω την απάντηση του κ. Πρωθυπουργού. ΠΡΟΕΔΡΟΣ: Παρακαλώ ήσυχία. Ο κ. Δεβλέτογλου έχει τον λόγο. Ε. ΔΕΒΛΕΤΟΓΛΟΥ: Κύριε Πρόεδρε, δεν είπα τίποτε που να προσβάλλει κανένα. Γ. ΜΑΥΡΟΣ: Είναι απαράδεκτο. Η. ΗΛΙΟΥ: Μάλιστα.

Κ. ΚΑΡΑΜΑΝΛΗΣ: Μάς ξέρετε καλά. Δεν πρόκειται να υποχωρήσουμε. Α. ΠΑΠΑΝΔΡΕΟΥ: Περιμένω την απάντηση του κ. Πρωθυπουργού. ΠΡΟΕΔΡΟΣ: Παρακαλώ ήσυχία. Ο κ. Δεβλέτογλου έχει τον λόγο. Ε. ΔΕΒΛΕΤΟΓΛΟΥ: Κύριε Πρόεδρε, δεν είπα τίποτε που να προσβάλλει κανένα. Γ. ΜΑΥΡΟΣ: Είναι απαράδεκτο. Η. ΗΛΙΟΥ: Μάλιστα.

Κ. ΚΑΡΑΜΑΝΛΗΣ: Μάς ξέρετε καλά. Δεν πρόκειται να υποχωρήσουμε. Α. ΠΑΠΑΝΔΡΕΟΥ: Περιμένω την απάντηση του κ. Πρωθυπουργού. ΠΡΟΕΔΡΟΣ: Παρακαλώ ήσυχία. Ο κ. Δεβλέτογλου έχει τον λόγο. Ε. ΔΕΒΛΕΤΟΓΛΟΥ: Κύριε Πρόεδρε, δεν είπα τίποτε που να προσβάλλει κανένα. Γ. ΜΑΥΡΟΣ: Είναι απαράδεκτο. Η. ΗΛΙΟΥ: Μάλιστα.

ΕΓΙΝΑΝ ΣΥΝΟΜΙΛΙΕΣ ΜΕΤΑΞΥ ΕΚΠΡΟΣΩΠΩΝ ΤΗΣ ΑΔΕΔΥ ΤΗΣ ΣΥΝΤΕΧΝΙΑΣ ΚΥΠΡΙΩΝ ΔΗΜΟΣΙΩΝ ΥΠΑΛΛΗΛΩΝ ΚΑΙ ΔΙΕΘΝΟΥΣ ΠΑΝΕΛΛΗΝΙΩΝ ΟΡΓΑΝΩΣΕΩΝ

ΑΘΗΝΑΙ, 29.— Με ύγειονομική διάταξη όρίζονται όλα τα μέτρα που πρέπει να λαμβάνονται για την προστασία τής δημοσίας υγείας από τα προϊόντα που κυκλοφορούν στην άγορά. Οί έλεγχοι διεξάγονται συστηματικώς από τα αρμόδια όργανα και οί παραβάτες θα τιμωρούνται αυστηρά σύμφωνα με τις ισχύουσες διατάξεις.

ΑΘΗΝΑΙ, 29.— Με ύγειονομική διάταξη όρίζονται όλα τα μέτρα που πρέπει να λαμβάνονται για την προστασία τής δημοσίας υγείας από τα προϊόντα που κυκλοφορούν στην άγορά. Οί έλεγχοι διεξάγονται συστηματικώς από τα αρμόδια όργανα και οί παραβάτες θα τιμωρούνται αυστηρά σύμφωνα με τις ισχύουσες διατάξεις.

ΑΘΗΝΑΙ, 29.— Στο υπουργείο έγινε χθες σύσκεψη των αρμοδίων παραγόντων, κατά την οποία εξετάσθηκαν τα θέματα που αφορούν τις προαγωγές και τη μισθολογική εξέλιξη των υπαλλήλων.

ΑΘΗΝΑΙ, 29.— Με ύγειονομική διάταξη όρίζονται όλα τα μέτρα που πρέπει να λαμβάνονται για την προστασία τής δημοσίας υγείας από τα προϊόντα που κυκλοφορούν στην άγορά. Οί έλεγχοι διεξάγονται συστηματικώς από τα αρμόδια όργανα και οί παραβάτες θα τιμωρούνται αυστηρά σύμφωνα με τις ισχύουσες διατάξεις.

ΑΘΗΝΑΙ, 29.— Με ύγειονομική διάταξη όρίζονται όλα τα μέτρα που πρέπει να λαμβάνονται για την προστασία τής δημοσίας υγείας από τα προϊόντα που κυκλοφορούν στην άγορά. Οί έλεγχοι διεξάγονται συστηματικώς από τα αρμόδια όργανα και οί παραβάτες θα τιμωρούνται αυστηρά σύμφωνα με τις ισχύουσες διατάξεις.

ΑΘΗΝΑΙ, 29.— Στο υπουργείο έγινε χθες σύσκεψη των αρμοδίων παραγόντων, κατά την οποία εξετάσθηκαν τα θέματα που αφορούν τις προαγωγές και τη μισθολογική εξέλιξη των υπαλλήλων.

ΤΟ ΥΠΟΥΡΓΕΙΟ ΚΟΙΝΩΝΙΚΩΝ ΥΠΗΡΕΣΙΩΝ ΕΦΑΡΜΟΖΕΙ ΟΥΣΙΑΣΤΙΚΑ ΜΕΤΡΑ ΣΤΗΝ ΠΕΡΙΟΧΗ ΑΘΗΝΩΝ ΓΙΑ ΤΗΝ ΠΡΟΣΤΑΣΙΑ ΤΗΣ ΥΓΕΙΑΣ ΑΠΟ ΤΗΝ ΡΥΠΑΝΣΗ

ΑΘΗΝΑΙ, 29.— Με ύγειονομική διάταξη όρίζονται όλα τα μέτρα που πρέπει να λαμβάνονται για την προστασία τής δημοσίας υγείας από τα προϊόντα που κυκλοφορούν στην άγορά. Οί έλεγχοι διεξάγονται συστηματικώς από τα αρμόδια όργανα και οί παραβάτες θα τιμωρούνται αυστηρά σύμφωνα με τις ισχύουσες διατάξεις.

ΑΘΗΝΑΙ, 29.— Με ύγειονομική διάταξη όρίζονται όλα τα μέτρα που πρέπει να λαμβάνονται για την προστασία τής δημοσίας υγείας από τα προϊόντα που κυκλοφορούν στην άγορά. Οί έλεγχοι διεξάγονται συστηματικώς από τα αρμόδια όργανα και οί παραβάτες θα τιμωρούνται αυστηρά σύμφωνα με τις ισχύουσες διατάξεις.

ΑΘΗΝΑΙ, 29.— Με ύγειονομική διάταξη όρίζονται όλα τα μέτρα που πρέπει να λαμβάνονται για την προστασία τής δημοσίας υγείας από τα προϊόντα που κυκλοφορούν στην άγορά. Οί έλεγχοι διεξάγονται συστηματικώς από τα αρμόδια όργανα και οί παραβάτες θα τιμωρούνται αυστηρά σύμφωνα με τις ισχύουσες διατάξεις.

ΑΘΗΝΑΙ, 29.— Με ύγειονομική διάταξη όρίζονται όλα τα μέτρα που πρέπει να λαμβάνονται για την προστασία τής δημοσίας υγείας από τα προϊόντα που κυκλοφορούν στην άγορά. Οί έλεγχοι διεξάγονται συστηματικώς από τα αρμόδια όργανα και οί παραβάτες θα τιμωρούνται αυστηρά σύμφωνα με τις ισχύουσες διατάξεις.

ΣΥΓΧΑΡΗΤΗΡΙΑ ΤΟΥ κ. ΤΣΑΤΣΟΥ ΠΡΟΣ ΤΟΝ ΛΕΣΣΗ ΓΙΑ ΤΗΝ 32α ΕΠΕΤΕΙΟ ΑΠΕΛΕΥΘΕΡΩΣΕΩΣ ΤΗΣ ΧΩΡΑΣ ΤΟΥ

ΑΘΗΝΑΙ, 29.— Με ύγειονομική διάταξη όρίζονται όλα τα μέτρα που πρέπει να λαμβάνονται για την προστασία τής δημοσίας υγείας από τα προϊόντα που κυκλοφορούν στην άγορά. Οί έλεγχοι διεξάγονται συστηματικώς από τα αρμόδια όργανα και οί παραβάτες θα τιμωρούνται αυστηρά σύμφωνα με τις ισχύουσες διατάξεις.

ΑΘΗΝΑΙ, 29.— Με ύγειονομική διάταξη όρίζονται όλα τα μέτρα που πρέπει να λαμβάνονται για την προστασία τής δημοσίας υγείας από τα προϊόντα που κυκλοφορούν στην άγορά. Οί έλεγχοι διεξάγονται συστηματικώς από τα αρμόδια όργανα και οί παραβάτες θα τιμωρούνται αυστηρά σύμφωνα με τις ισχύουσες διατάξεις.

Ο ΔΙΚΗΓΟΡΙΚΟΣ ΣΥΛΛΟΓΟΣ ΤΩΝ ΑΘΗΝΩΝ ΑΝΤΙΤΙΘΕΤΑΙ ΣΤΗ ΜΗ ΠΡΟΑΓΩΓΗ ΤΩΝ ΕΦΕΤΩΝ ΜΕΤΑ ΤΟ 63ο ΕΤΟΣ

ΑΘΗΝΑΙ, 29.— Με ύγειονομική διάταξη όρίζονται όλα τα μέτρα που πρέπει να λαμβάνονται για την προστασία τής δημοσίας υγείας από τα προϊόντα που κυκλοφορούν στην άγορά. Οί έλεγχοι διεξάγονται συστηματικώς από τα αρμόδια όργανα και οί παραβάτες θα τιμωρούνται αυστηρά σύμφωνα με τις ισχύουσες διατάξεις.

ΑΘΗΝΑΙ, 29.— Με ύγειονομική διάταξη όρίζονται όλα τα μέτρα που πρέπει να λαμβάνονται για την προστασία τής δημοσίας υγείας από τα προϊόντα που κυκλοφορούν στην άγορά. Οί έλεγχοι διεξάγονται συστηματικώς από τα αρμόδια όργανα και οί παραβάτες θα τιμωρούνται αυστηρά σύμφωνα με τις ισχύουσες διατάξεις.

ΕΞΕΛΕΓΗ Η ΝΕΑ ΔΙΟΙΚΗΣΗ ΤΩΝ ΕΝΩΣΕΩΝ ΛΕΙΤΟΥΡΓΩΝ ΜΕΣΗΣ ΕΚΠΑΙΔΕΥΣΕΩΣ ΘΕΣΣΑΛΟΝΙΚΗΣ ΚΑΙ ΚΙΛΚΙΣ

ΑΘΗΝΑΙ, 29.— Με ύγειονομική διάταξη όρίζονται όλα τα μέτρα που πρέπει να λαμβάνονται για την προστασία τής δημοσίας υγείας από τα προϊόντα που κυκλοφορούν στην άγορά. Οί έλεγχοι διεξάγονται συστηματικώς από τα αρμόδια όργανα και οί παραβάτες θα τιμωρούνται αυστηρά σύμφωνα με τις ισχύουσες διατάξεις.

ΑΘΗΝΑΙ, 29.— Στο υπουργείο έγινε χθες σύσκεψη των αρμοδίων παραγόντων, κατά την οποία εξετάσθηκαν τα θέματα που αφορούν τις προαγωγές και τη μισθολογική εξέλιξη των υπαλλήλων.

ΑΘΗΝΑΙ, 29.— Με ύγειονομική διάταξη όρίζονται όλα τα μέτρα που πρέπει να λαμβάνονται για την προστασία τής δημοσίας υγείας από τα προϊόντα που κυκλοφορούν στην άγορά. Οί έλεγχοι διεξάγονται συστηματικώς από τα αρμόδια όργανα και οί παραβάτες θα τιμωρούνται αυστηρά σύμφωνα με τις ισχύουσες διατάξεις.

ΑΘΗΝΑΙ, 29.— Στο υπουργείο έγινε χθες σύσκεψη των αρμοδίων παραγόντων, κατά την οποία εξετάσθηκαν τα θέματα που αφορούν τις προαγωγές και τη μισθολογική εξέλιξη των υπαλλήλων.

ΤΟ ΠΑ.ΣΟ.Κ. ΓΙΑ ΤΗ ΜΕΤΑΦΟΡΑ ΘΕΣΕΩΝ ΓΕΩΠΟΝΩΝ ΑΠΟ ΤΗΝ ΑΓΡΟΤΙΚΗ ΤΡΑΠΕΖΑ ΣΤΟ ΥΠΟΥΡΓΕΙΟ ΓΕΩΡΓΙΑΣ

ΑΘΗΝΑΙ, 29.— Με ύγειονομική διάταξη όρίζονται όλα τα μέτρα που πρέπει να λαμβάνονται για την προστασία τής δημοσίας υγείας από τα προϊόντα που κυκλοφορούν στην άγορά. Οί έλεγχοι διεξάγονται συστηματικώς από τα αρμόδια όργανα και οί παραβάτες θα τιμωρούνται αυστηρά σύμφωνα με τις ισχύουσες διατάξεις.

ΑΘΗΝΑΙ, 29.— Στο υπουργείο έγινε χθες σύσκεψη των αρμοδίων παραγόντων, κατά την οποία εξετάσθηκαν τα θέματα που αφορούν τις προαγωγές και τη μισθολογική εξέλιξη των υπαλλήλων.

ΑΘΗΝΑΙ, 29.— Με ύγειονομική διάταξη όρίζονται όλα τα μέτρα που πρέπει να λαμβάνονται για την προστασία τής δημοσίας υγείας από τα προϊόντα που κυκλοφορούν στην άγορά. Οί έλεγχοι διεξάγονται συστηματικώς από τα αρμόδια όργανα και οί παραβάτες θα τιμωρούνται αυστηρά σύμφωνα με τις ισχύουσες διατάξεις.

ΑΘΗΝΑΙ, 29.— Στο υπουργείο έγινε χθες σύσκεψη των αρμοδίων παραγόντων, κατά την οποία εξετάσθηκαν τα θέματα που αφορούν τις προαγωγές και τη μισθολογική εξέλιξη των υπαλλήλων.

ΟΙ ΤΟΠΟΓΡΑΦΟΙ ΥΠΟΜΗΧΑΝΙΚΟΙ ΥΠΟΥΡΓΕΙΟΥ ΓΕΩΡΓΙΑΣ ΖΗΤΟΥΝ ΝΑ ΕΝΤΑΧΘΟΥΝ ΣΤΗΝ ΠΡΩΤΗ ΚΑΤΗΓΟΡΙΑ

ΑΘΗΝΑΙ, 29.— Με ύγειονομική διάταξη όρίζονται όλα τα μέτρα που πρέπει να λαμβάνονται για την προστασία τής δημοσίας υγείας από τα προϊόντα που κυκλοφορούν στην άγορά. Οί έλεγχοι διεξάγονται συστηματικώς από τα αρμόδια όργανα και οί παραβάτες θα τιμωρούνται αυστηρά σύμφωνα με τις ισχύουσες διατάξεις.

ΑΘΗΝΑΙ, 29.— Με ύγειονομική διάταξη όρίζονται όλα τα μέτρα που πρέπει να λαμβάνονται για την προστασία τής δημοσίας υγείας από τα προϊόντα που κυκλοφορούν στην άγορά. Οί έλεγχοι διεξάγονται συστηματικώς από τα αρμόδια όργανα και οί παραβάτες θα τιμωρούνται αυστηρά σύμφωνα με τις ισχύουσες διατάξεις.

ΑΘΗΝΑΙ, 29.— Στο υπουργείο έγινε χθες σύσκεψη των αρμοδίων παραγόντων, κατά την οποία εξετάσθηκαν τα θέματα που αφορούν τις προαγωγές και τη μισθολογική εξέλιξη των υπαλλήλων.

ΑΘΗΝΑΙ, 29.— Με ύγειονομική διάταξη όρίζονται όλα τα μέτρα που πρέπει να λαμβάνονται για την προστασία τής δημοσίας υγείας από τα προϊόντα που κυκλοφορούν στην άγορά. Οί έλεγχοι διεξάγονται συστηματικώς από τα αρμόδια όργανα και οί παραβάτες θα τιμωρούνται αυστηρά σύμφωνα με τις ισχύουσες διατάξεις.

ΑΘΗΝΑΙ, 29.— Στο υπουργείο έγινε χθες σύσκεψη των αρμοδίων παραγόντων, κατά την οποία εξετάσθηκαν τα θέματα που αφορούν τις προαγωγές και τη μισθολογική εξέλιξη των υπαλλήλων.

έγχρωμα τούβλα
ΠΛΙΝΘΟΧΡΩΜ
(για πιό όμορφα σπίτια)
Πλινθοχρώμ
Γ. Τ. ΓΙΑΝΝΟΥΤΗΣ
76283
742820
